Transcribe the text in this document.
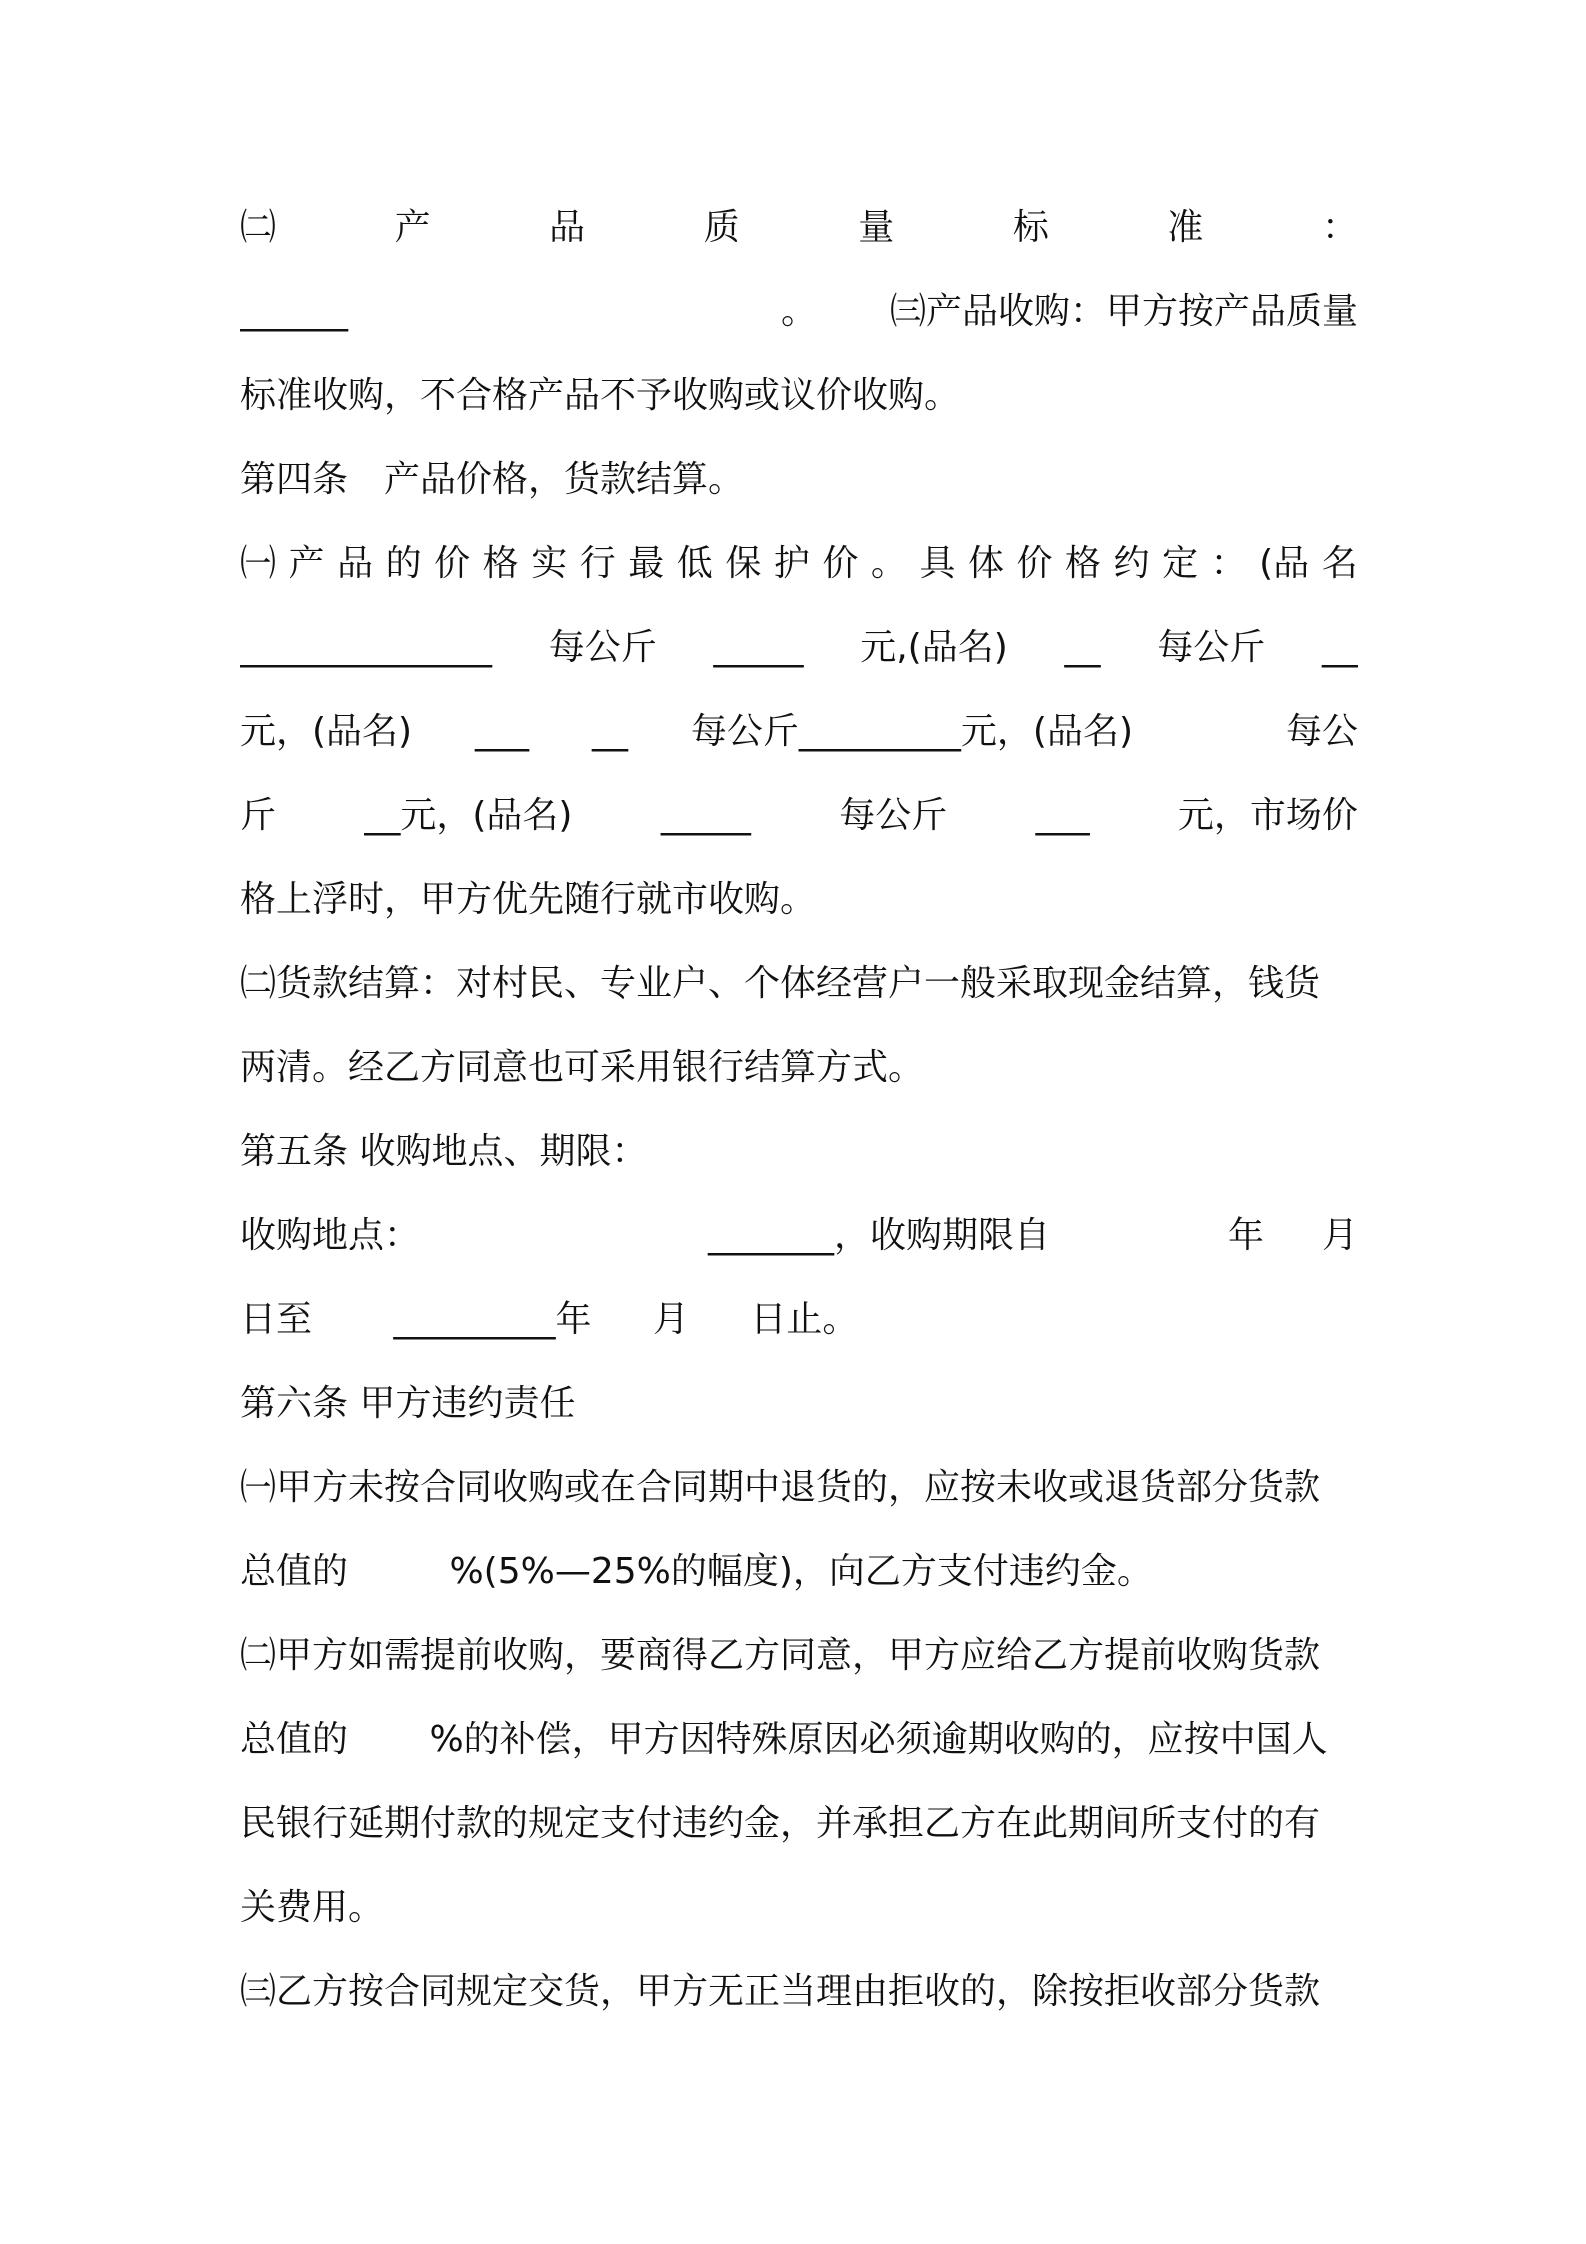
㈡	产	品	质	量	标	准	：
______	。 ㈢产品收购：甲方按产品质量
标准收购，不合格产品不予收购或议价收购。
第四条　产品价格，货款结算。
㈠ 产 品 的 价 格 实 行 最 低 保 护 价 。 具 体 价 格 约 定 ： (品 名
______________ 每公斤 _____ 元,(品名) __ 每公斤 __
元，(品名) ___ __ 每公斤_________元，(品名)	每公
斤 __元，(品名) _____ 每公斤 ___ 元，市场价
格上浮时，甲方优先随行就市收购。
㈡货款结算：对村民、专业户、个体经营户一般采取现金结算，钱货
两清。经乙方同意也可采用银行结算方式。
第五条 收购地点、期限：
收购地点：	_______，收购期限自	年 月
日至 _________年 月 日止。
第六条 甲方违约责任
㈠甲方未按合同收购或在合同期中退货的，应按未收或退货部分货款
总值的	%(5%—25%的幅度)，向乙方支付违约金。
㈡甲方如需提前收购，要商得乙方同意，甲方应给乙方提前收购货款
总值的 %的补偿，甲方因特殊原因必须逾期收购的，应按中国人
民银行延期付款的规定支付违约金，并承担乙方在此期间所支付的有
关费用。
㈢乙方按合同规定交货，甲方无正当理由拒收的，除按拒收部分货款
